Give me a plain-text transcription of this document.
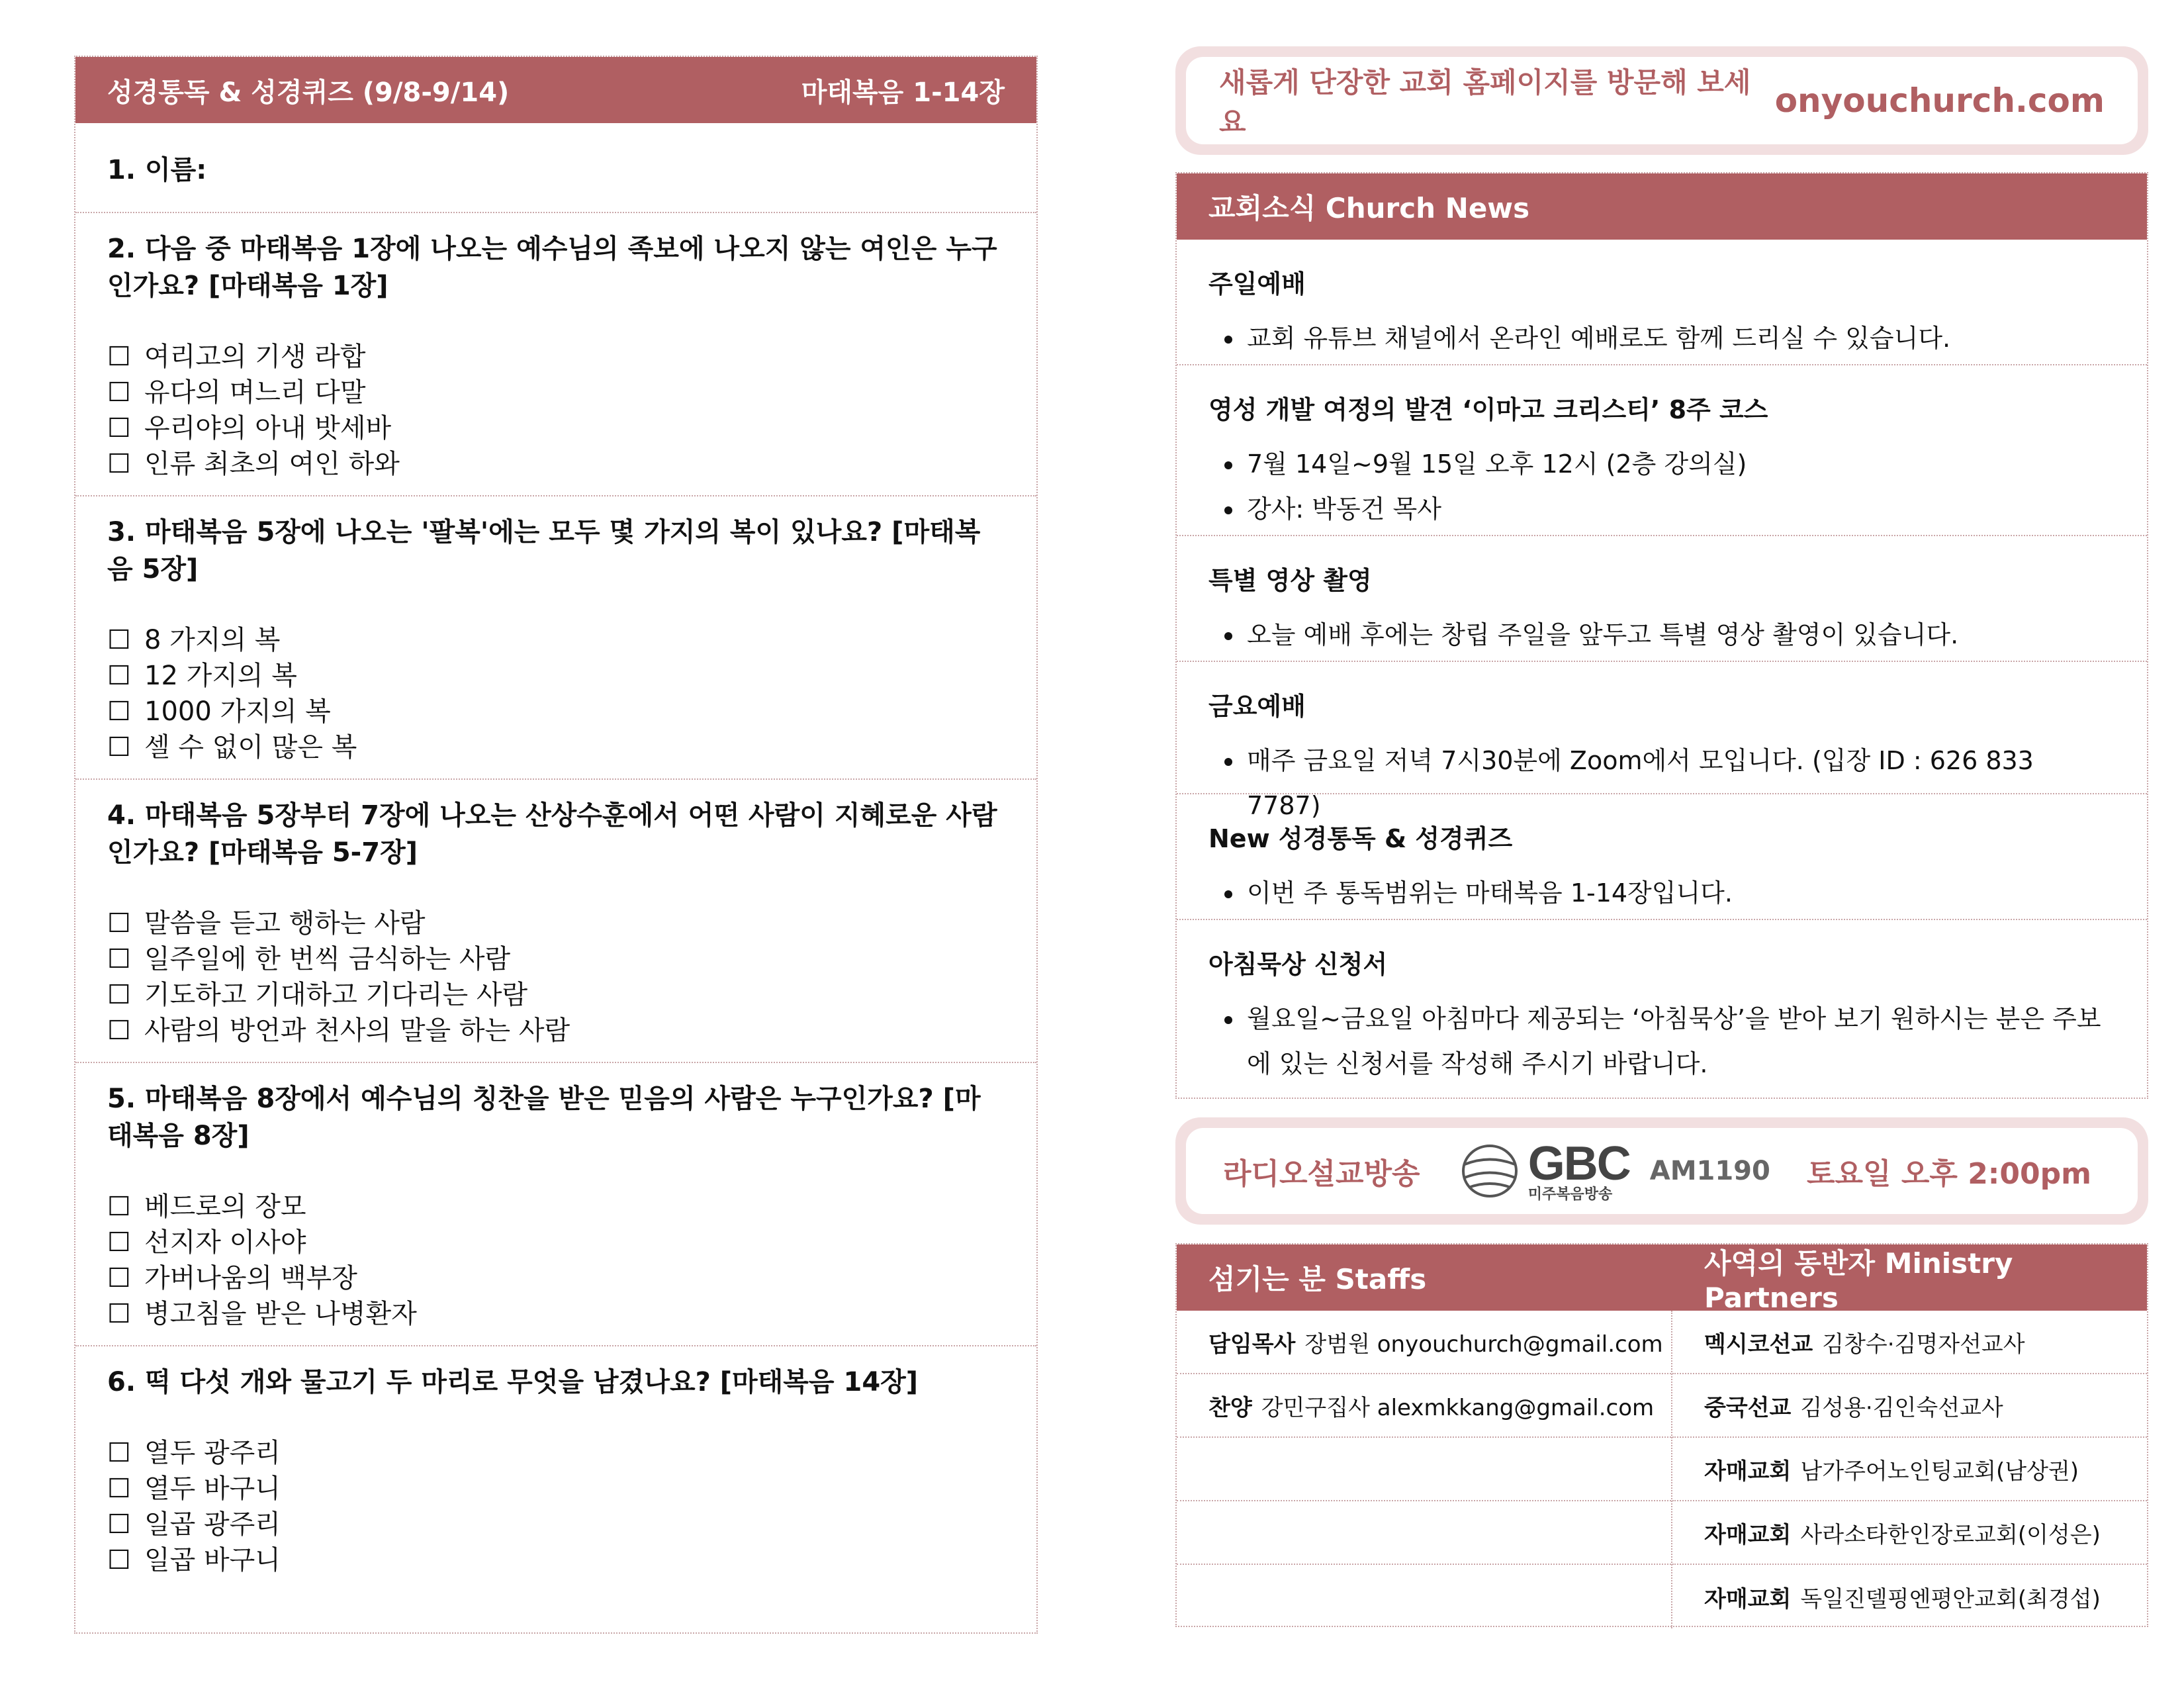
성경통독 & 성경퀴즈 (9/8-9/14)	마태복음 1-14장
1. 이름:
2. 다음 중 마태복음 1장에 나오는 예수님의 족보에 나오지 않는 여인은 누구인가요? [마태복음 1장]
☐ 여리고의 기생 라합
☐ 유다의 며느리 다말
☐ 우리야의 아내 밧세바
☐ 인류 최초의 여인 하와
3. 마태복음 5장에 나오는 '팔복'에는 모두 몇 가지의 복이 있나요? [마태복음 5장]
☐ 8 가지의 복
☐ 12 가지의 복
☐ 1000 가지의 복
☐ 셀 수 없이 많은 복
4. 마태복음 5장부터 7장에 나오는 산상수훈에서 어떤 사람이 지혜로운 사람인가요? [마태복음 5-7장]
☐ 말씀을 듣고 행하는 사람
☐ 일주일에 한 번씩 금식하는 사람
☐ 기도하고 기대하고 기다리는 사람
☐ 사람의 방언과 천사의 말을 하는 사람
5. 마태복음 8장에서 예수님의 칭찬을 받은 믿음의 사람은 누구인가요? [마태복음 8장]
☐ 베드로의 장모
☐ 선지자 이사야
☐ 가버나움의 백부장
☐ 병고침을 받은 나병환자
6. 떡 다섯 개와 물고기 두 마리로 무엇을 남겼나요? [마태복음 14장]
☐ 열두 광주리
☐ 열두 바구니
☐ 일곱 광주리
☐ 일곱 바구니
새롭게 단장한 교회 홈페이지를 방문해 보세요
onyouchurch.com
교회소식 Church News
주일예배
• 교회 유튜브 채널에서 온라인 예배로도 함께 드리실 수 있습니다.
영성 개발 여정의 발견 ‘이마고 크리스티’ 8주 코스
• 7월 14일~9월 15일 오후 12시 (2층 강의실)
• 강사: 박동건 목사
특별 영상 촬영
• 오늘 예배 후에는 창립 주일을 앞두고 특별 영상 촬영이 있습니다.
금요예배
• 매주 금요일 저녁 7시30분에 Zoom에서 모입니다. (입장 ID : 626 833 7787)
New 성경통독 & 성경퀴즈
• 이번 주 통독범위는 마태복음 1-14장입니다.
아침묵상 신청서
• 월요일~금요일 아침마다 제공되는 ‘아침묵상’을 받아 보기 원하시는 분은 주보에 있는 신청서를 작성해 주시기 바랍니다.
라디오설교방송 GBC
미주복음방송
AM1190 토요일 오후 2:00pm
섬기는 분 Staffs	사역의 동반자 Ministry Partners
담임목사 장범원 onyouchurch@gmail.com
찬양 강민구집사 alexmkkang@gmail.com
멕시코선교 김창수·김명자선교사
중국선교 김성용·김인숙선교사
자매교회 남가주어노인팅교회(남상권)
자매교회 사라소타한인장로교회(이성은)
자매교회 독일진델핑엔평안교회(최경섭)
